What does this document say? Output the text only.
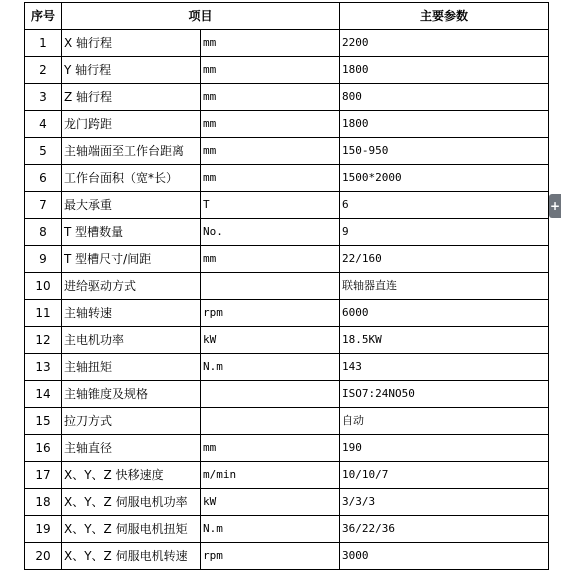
序号	项目		主要参数
1	X 轴行程	mm	2200
2	Y 轴行程	mm	1800
3	Z 轴行程	mm	800
4	龙门跨距	mm	1800
5	主轴端面至工作台距离	mm	150-950
6	工作台面积（宽*长）	mm	1500*2000
7	最大承重	T	6
8	T 型槽数量	No.	9
9	T 型槽尺寸/间距	mm	22/160
10	进给驱动方式		联轴器直连
11	主轴转速	rpm	6000
12	主电机功率	kW	18.5KW
13	主轴扭矩	N.m	143
14	主轴锥度及规格		ISO7:24NO50
15	拉刀方式		自动
16	主轴直径	mm	190
17	X、Y、Z 快移速度	m/min	10/10/7
18	X、Y、Z 伺服电机功率	kW	3/3/3
19	X、Y、Z 伺服电机扭矩	N.m	36/22/36
20	X、Y、Z 伺服电机转速	rpm	3000
+
